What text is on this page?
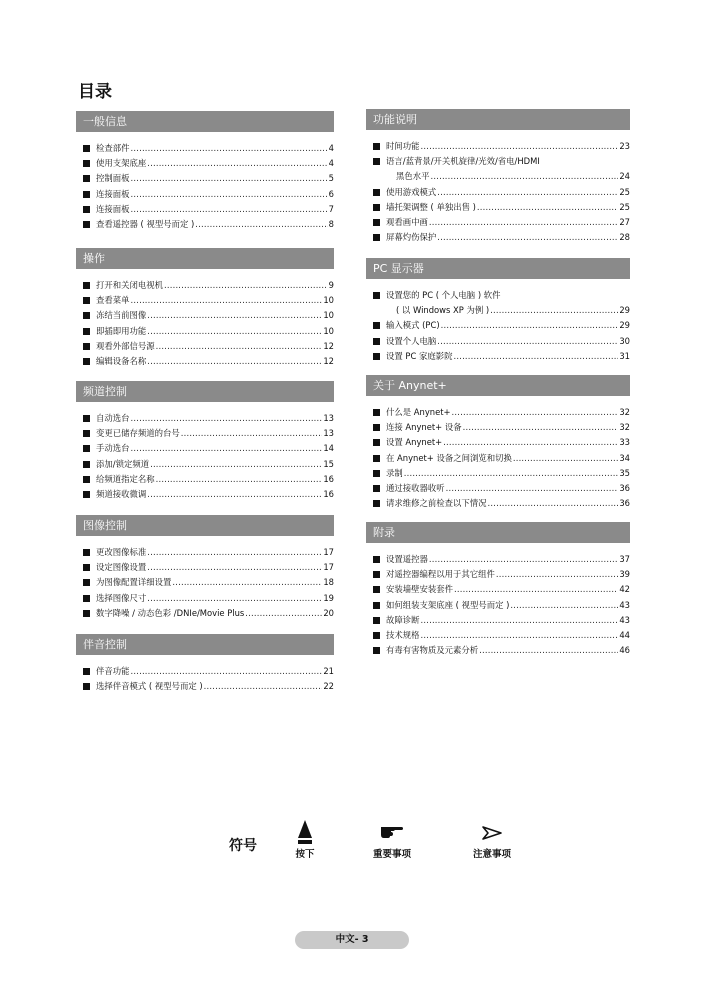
目录
一般信息
检查部件 .....	4
使用支架底座 .....	4
控制面板 .....	5
连接面板 .....	6
连接面板 .....	7
查看遥控器 ( 视型号而定 ) .....	8
操作
打开和关闭电视机 .....	9
查看菜单 .....	10
冻结当前图像 .....	10
即插即用功能 .....	10
观看外部信号源 .....	12
编辑设备名称 .....	12
频道控制
自动选台 .....	13
变更已储存频道的台号 .....	13
手动选台 .....	14
添加/锁定频道 .....	15
给频道指定名称 .....	16
频道接收微调 .....	16
图像控制
更改图像标准 .....	17
设定图像设置 .....	17
为图像配置详细设置 .....	18
选择图像尺寸 .....	19
数字降噪 / 动态色彩 /DNIe/Movie Plus .....	20
伴音控制
伴音功能 .....	21
选择伴音模式 ( 视型号而定 ) .....	22
功能说明
时间功能 .....	23
语言/蓝背景/开关机旋律/光效/省电/HDMI
黑色水平 .....	24
使用游戏模式 .....	25
墙托架调整 ( 单独出售 ) .....	25
观看画中画 .....	27
屏幕灼伤保护 .....	28
PC 显示器
设置您的 PC ( 个人电脑 ) 软件
( 以 Windows XP 为例 ) .....	29
输入模式 (PC) .....	29
设置个人电脑 .....	30
设置 PC 家庭影院 .....	31
关于 Anynet+
什么是 Anynet+ .....	32
连接 Anynet+ 设备 .....	32
设置 Anynet+ .....	33
在 Anynet+ 设备之间浏览和切换 .....	34
录制 .....	35
通过接收器收听 .....	36
请求维修之前检查以下情况 .....	36
附录
设置遥控器 .....	37
对遥控器编程以用于其它组件 .....	39
安装墙壁安装套件 .....	42
如何组装支架底座 ( 视型号而定 ) .....	43
故障诊断 .....	43
技术规格 .....	44
有毒有害物质及元素分析 .....	46
符号
按下	重要事项	注意事项
中文- 3
